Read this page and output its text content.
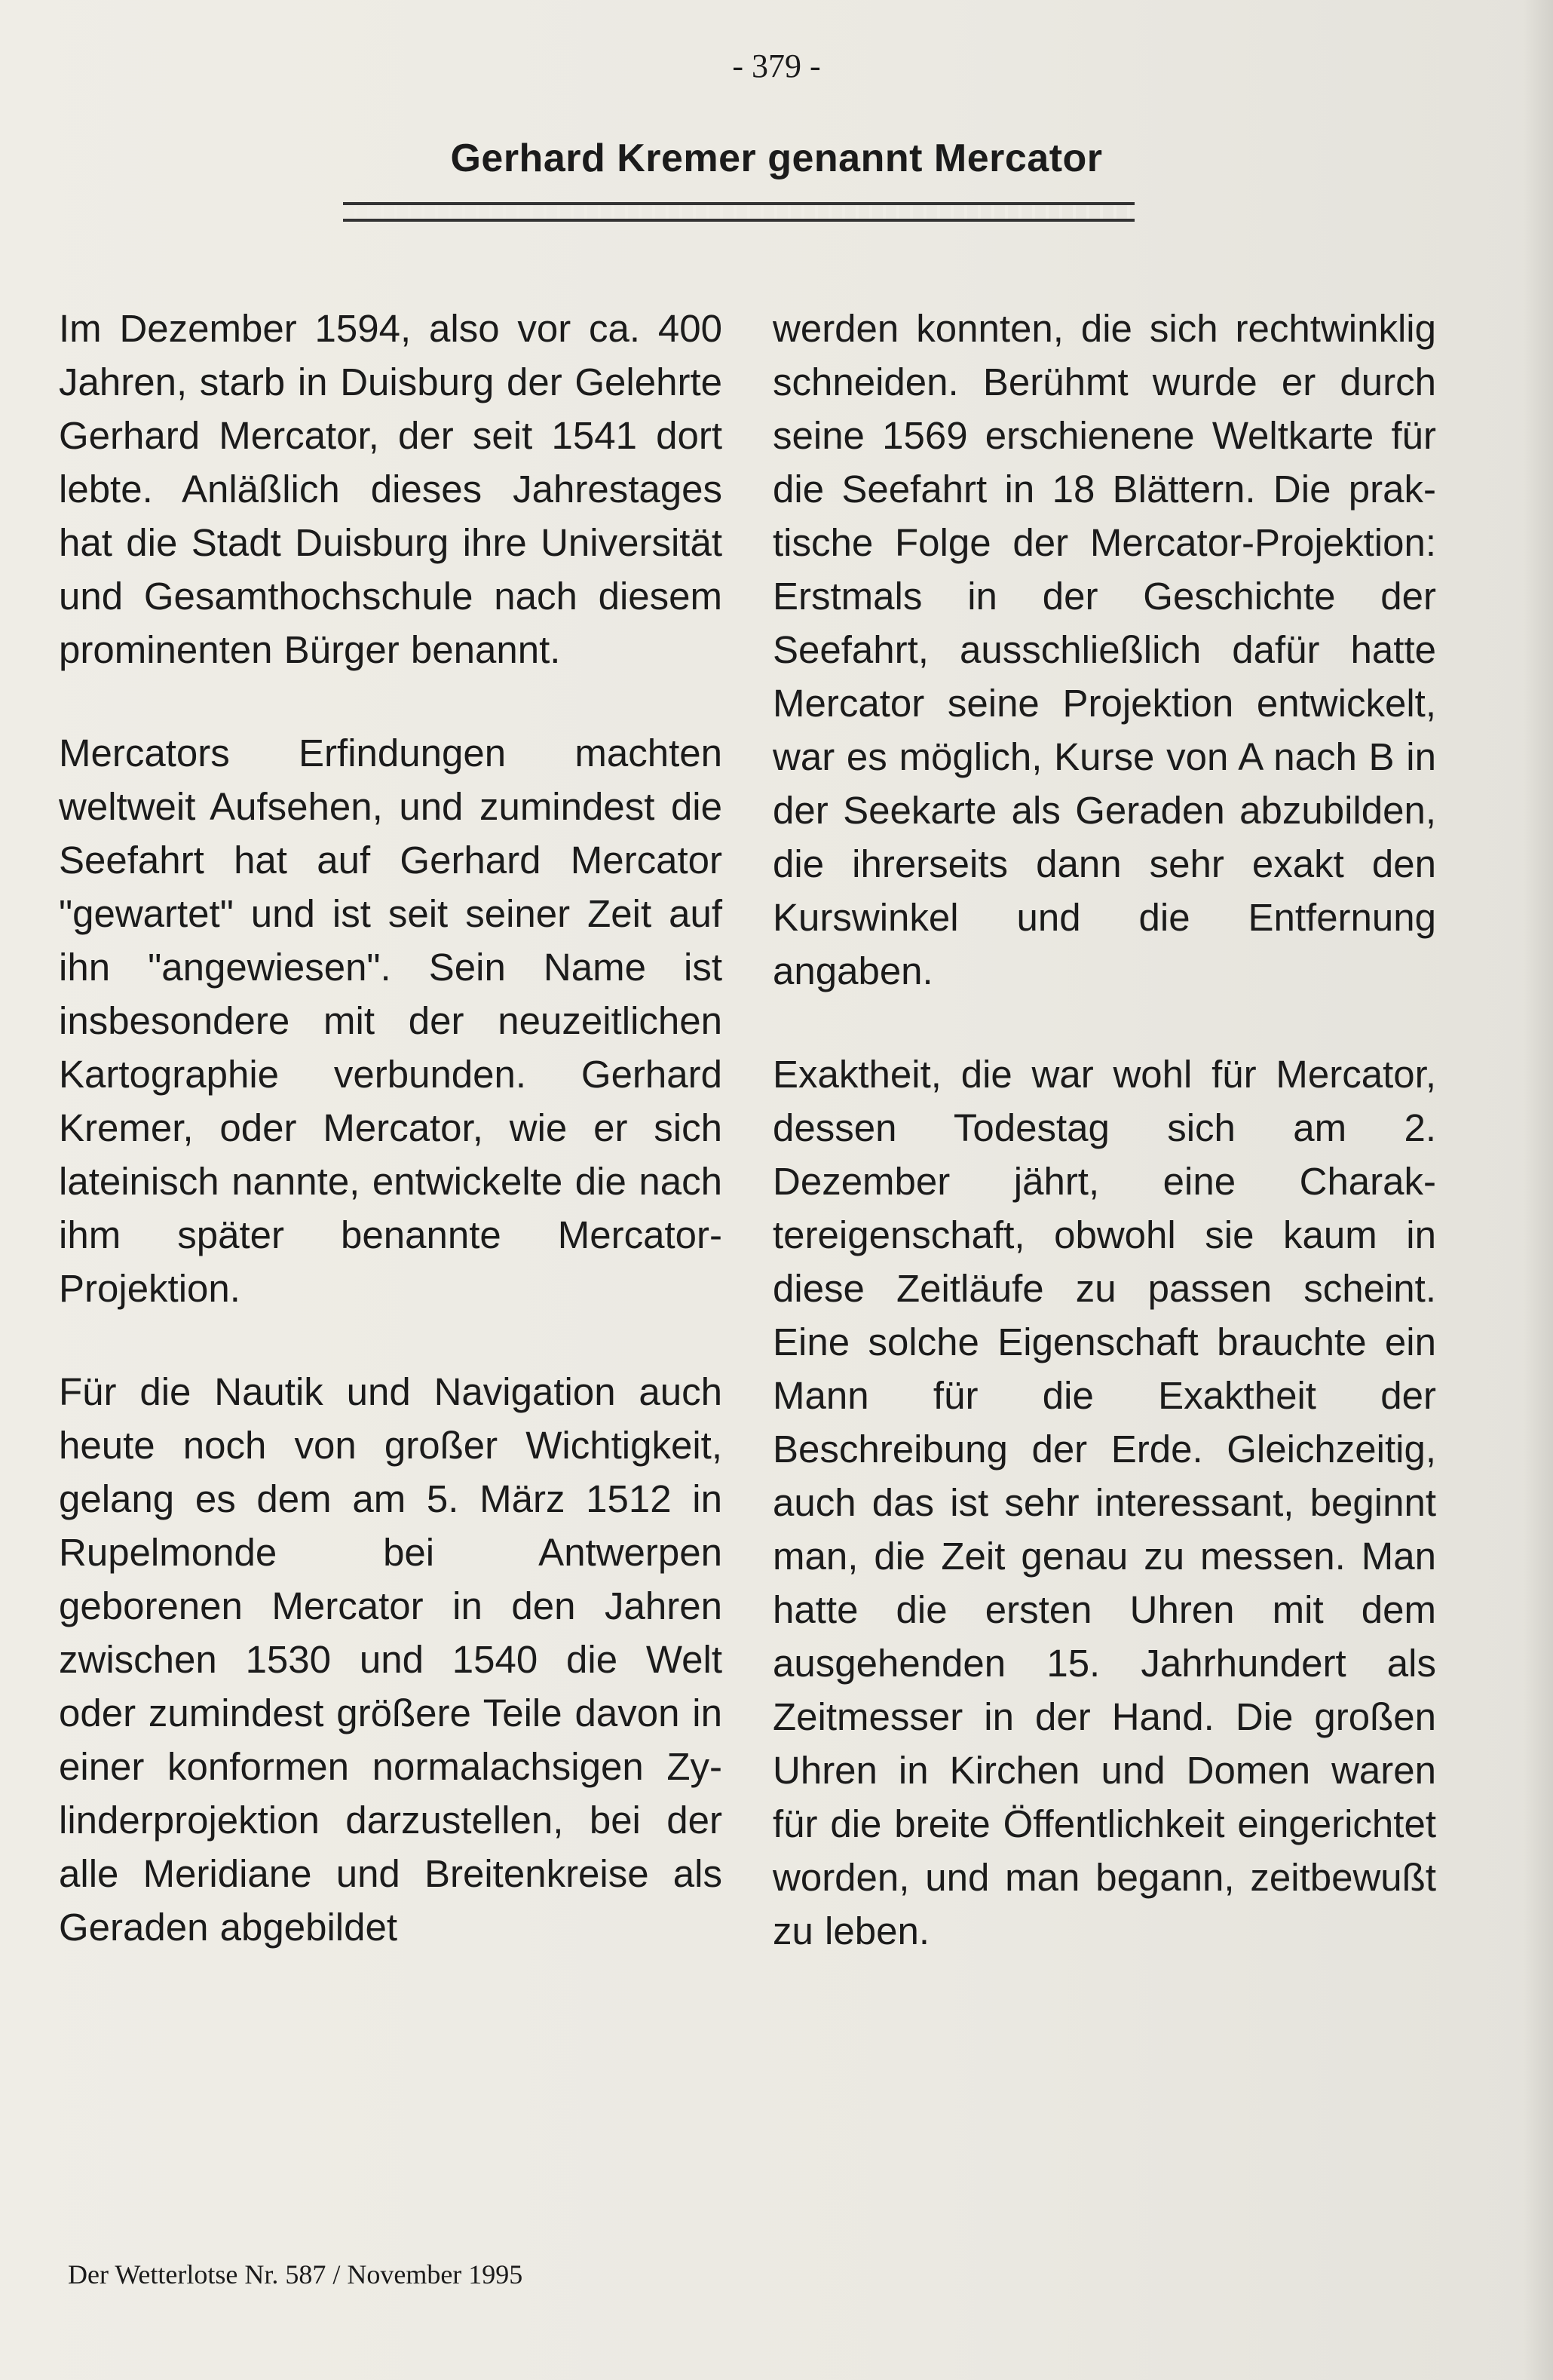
- 379 -
Gerhard Kremer genannt Mercator

Im Dezember 1594, also vor ca. 400 Jahren, starb in Duisburg der Gelehrte Gerhard Mercator, der seit 1541 dort lebte. Anläßlich dieses Jahrestages hat die Stadt Duisburg ihre Universität und Gesamthochschule nach diesem prominenten Bürger benannt.

Mercators Erfindungen machten weltweit Aufsehen, und zumindest die Seefahrt hat auf Gerhard Mercator "gewartet" und ist seit seiner Zeit auf ihn "angewiesen". Sein Name ist insbesondere mit der neuzeitlichen Kartographie verbunden. Gerhard Kremer, oder Mercator, wie er sich lateinisch nannte, entwickelte die nach ihm später benannte Mercator-Projektion.

Für die Nautik und Navigation auch heute noch von großer Wichtigkeit, gelang es dem am 5. März 1512 in Rupelmonde bei Antwerpen geborenen Mercator in den Jahren zwischen 1530 und 1540 die Welt oder zumindest größere Teile davon in einer konformen normalachsigen Zylinderprojektion darzustellen, bei der alle Meridiane und Breitenkreise als Geraden abgebildet

werden konnten, die sich rechtwinklig schneiden. Berühmt wurde er durch seine 1569 erschienene Weltkarte für die Seefahrt in 18 Blättern. Die praktische Folge der Mercator-Projektion: Erstmals in der Geschichte der Seefahrt, ausschließlich dafür hatte Mercator seine Projektion entwickelt, war es möglich, Kurse von A nach B in der Seekarte als Geraden abzubilden, die ihrerseits dann sehr exakt den Kurswinkel und die Entfernung angaben.

Exaktheit, die war wohl für Mercator, dessen Todestag sich am 2. Dezember jährt, eine Charaktereigenschaft, obwohl sie kaum in diese Zeitläufe zu passen scheint. Eine solche Eigenschaft brauchte ein Mann für die Exaktheit der Beschreibung der Erde. Gleichzeitig, auch das ist sehr interessant, beginnt man, die Zeit genau zu messen. Man hatte die ersten Uhren mit dem ausgehenden 15. Jahrhundert als Zeitmesser in der Hand. Die großen Uhren in Kirchen und Domen waren für die breite Öffentlichkeit eingerichtet worden, und man begann, zeitbewußt zu leben.

Der Wetterlotse Nr. 587 / November 1995
